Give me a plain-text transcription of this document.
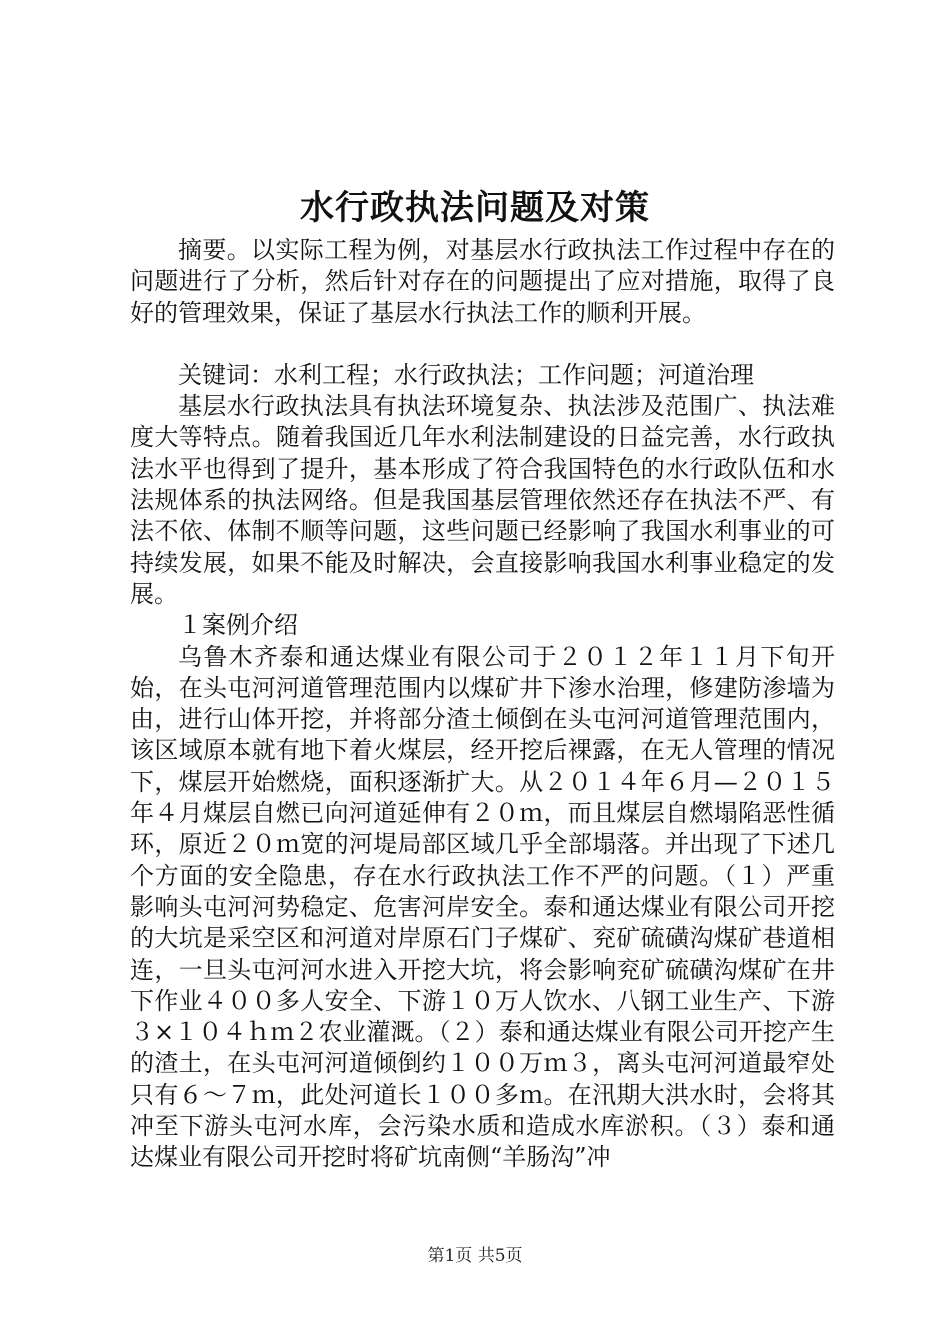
水行政执法问题及对策

摘要。以实际工程为例，对基层水行政执法工作过程中存在的问题进行了分析，然后针对存在的问题提出了应对措施，取得了良好的管理效果，保证了基层水行执法工作的顺利开展。

关键词：水利工程；水行政执法；工作问题；河道治理

基层水行政执法具有执法环境复杂、执法涉及范围广、执法难度大等特点。随着我国近几年水利法制建设的日益完善，水行政执法水平也得到了提升，基本形成了符合我国特色的水行政队伍和水法规体系的执法网络。但是我国基层管理依然还存在执法不严、有法不依、体制不顺等问题，这些问题已经影响了我国水利事业的可持续发展，如果不能及时解决，会直接影响我国水利事业稳定的发展。

１案例介绍

乌鲁木齐泰和通达煤业有限公司于２０１２年１１月下旬开始，在头屯河河道管理范围内以煤矿井下渗水治理，修建防渗墙为由，进行山体开挖，并将部分渣土倾倒在头屯河河道管理范围内，该区域原本就有地下着火煤层，经开挖后裸露，在无人管理的情况下，煤层开始燃烧，面积逐渐扩大。从２０１４年６月—２０１５年４月煤层自燃已向河道延伸有２０ｍ，而且煤层自燃塌陷恶性循环，原近２０ｍ宽的河堤局部区域几乎全部塌落。并出现了下述几个方面的安全隐患，存在水行政执法工作不严的问题。（１）严重影响头屯河河势稳定、危害河岸安全。泰和通达煤业有限公司开挖的大坑是采空区和河道对岸原石门子煤矿、兖矿硫磺沟煤矿巷道相连，一旦头屯河河水进入开挖大坑，将会影响兖矿硫磺沟煤矿在井下作业４００多人安全、下游１０万人饮水、八钢工业生产、下游３×１０４ｈｍ２农业灌溉。（２）泰和通达煤业有限公司开挖产生的渣土，在头屯河河道倾倒约１００万ｍ３，离头屯河河道最窄处只有６～７ｍ，此处河道长１００多ｍ。在汛期大洪水时，会将其冲至下游头屯河水库，会污染水质和造成水库淤积。（３）泰和通达煤业有限公司开挖时将矿坑南侧“羊肠沟”冲

第1页 共5页
